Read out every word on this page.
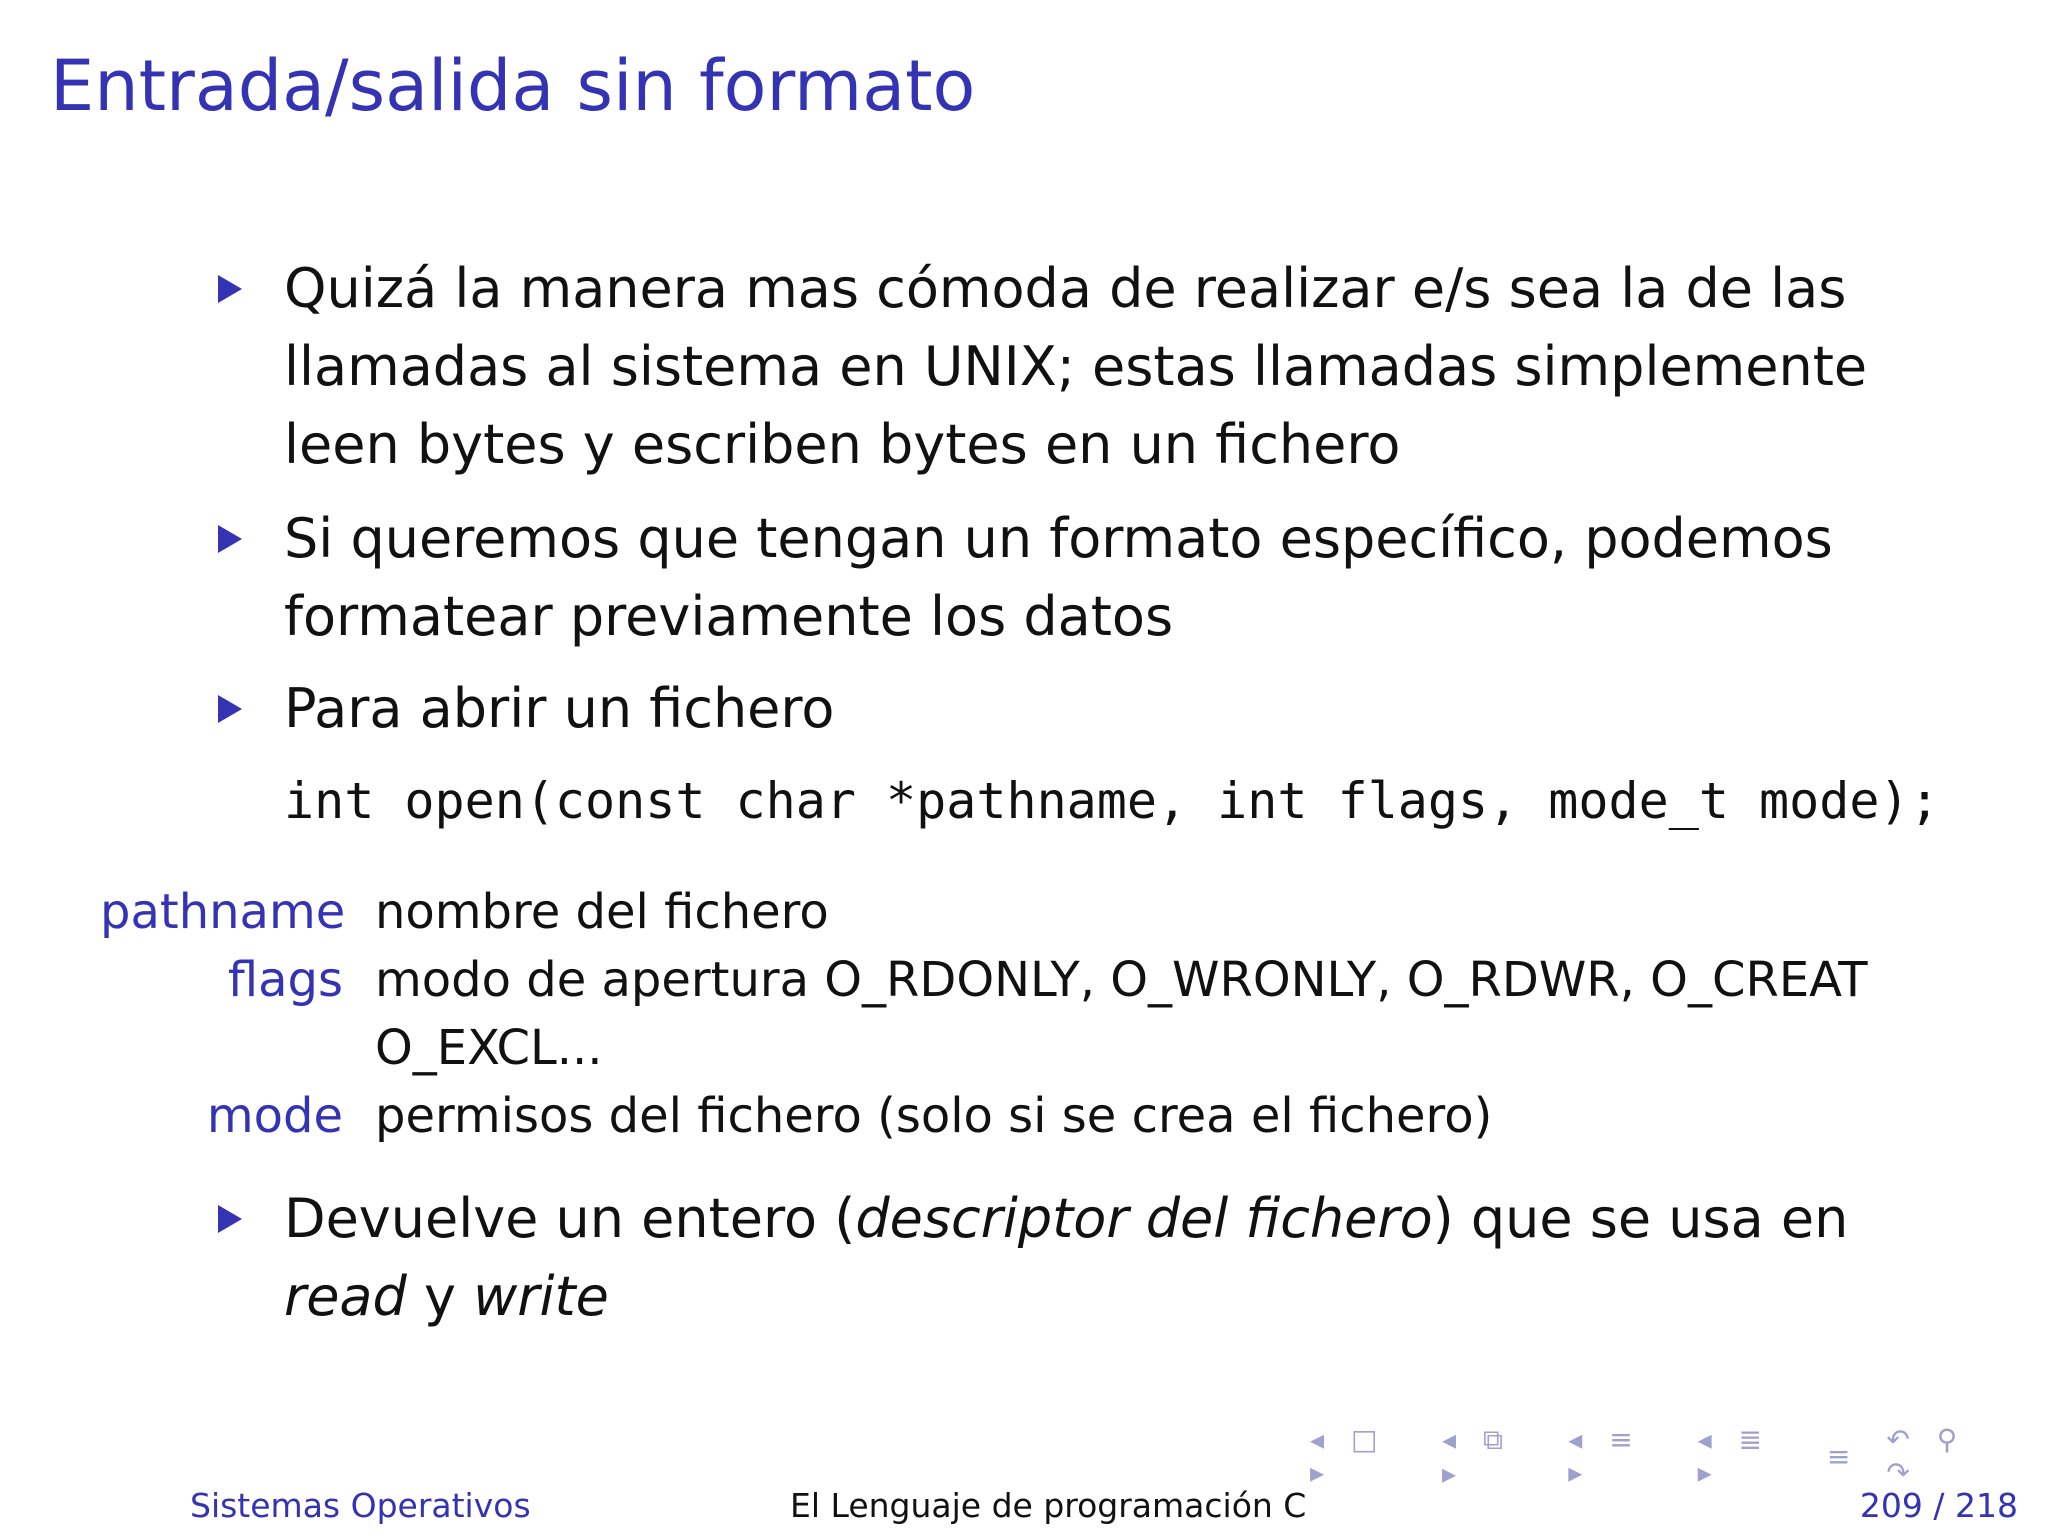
Entrada/salida sin formato
Quizá la manera mas cómoda de realizar e/s sea la de las llamadas al sistema en UNIX; estas llamadas simplemente leen bytes y escriben bytes en un fichero
Si queremos que tengan un formato específico, podemos formatear previamente los datos
Para abrir un fichero
int open(const char *pathname, int flags, mode_t mode);
pathname nombre del fichero
flags modo de apertura O_RDONLY, O_WRONLY, O_RDWR, O_CREAT O_EXCL...
mode permisos del fichero (solo si se crea el fichero)
Devuelve un entero (descriptor del fichero) que se usa en read y write
◂ □ ▸
◂ ⧉ ▸
◂ ≡ ▸
◂ ≣ ▸	≡	↶ ⚲ ↷
Sistemas Operativos	El Lenguaje de programación C	209 / 218
